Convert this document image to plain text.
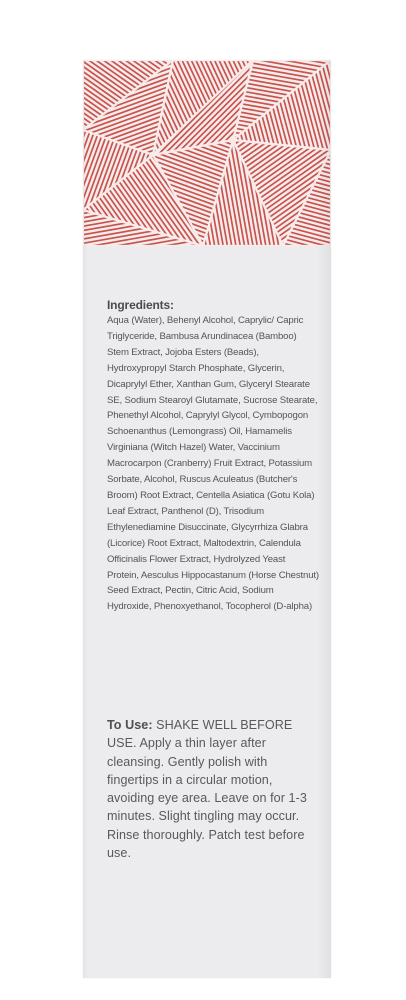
Ingredients:
Aqua (Water), Behenyl Alcohol, Caprylic/ Capric Triglyceride, Bambusa Arundinacea (Bamboo) Stem Extract, Jojoba Esters (Beads), Hydroxypropyl Starch Phosphate, Glycerin, Dicaprylyl Ether, Xanthan Gum, Glyceryl Stearate SE, Sodium Stearoyl Glutamate, Sucrose Stearate, Phenethyl Alcohol, Caprylyl Glycol, Cymbopogon Schoenanthus (Lemongrass) Oil, Hamamelis Virginiana (Witch Hazel) Water, Vaccinium Macrocarpon (Cranberry) Fruit Extract, Potassium Sorbate, Alcohol, Ruscus Aculeatus (Butcher's Broom) Root Extract, Centella Asiatica (Gotu Kola) Leaf Extract, Panthenol (D), Trisodium Ethylenediamine Disuccinate, Glycyrrhiza Glabra (Licorice) Root Extract, Maltodextrin, Calendula Officinalis Flower Extract, Hydrolyzed Yeast Protein, Aesculus Hippocastanum (Horse Chestnut) Seed Extract, Pectin, Citric Acid, Sodium Hydroxide, Phenoxyethanol, Tocopherol (D-alpha)
To Use: SHAKE WELL BEFORE USE. Apply a thin layer after cleansing. Gently polish with fingertips in a circular motion, avoiding eye area. Leave on for 1-3 minutes. Slight tingling may occur. Rinse thoroughly. Patch test before use.
